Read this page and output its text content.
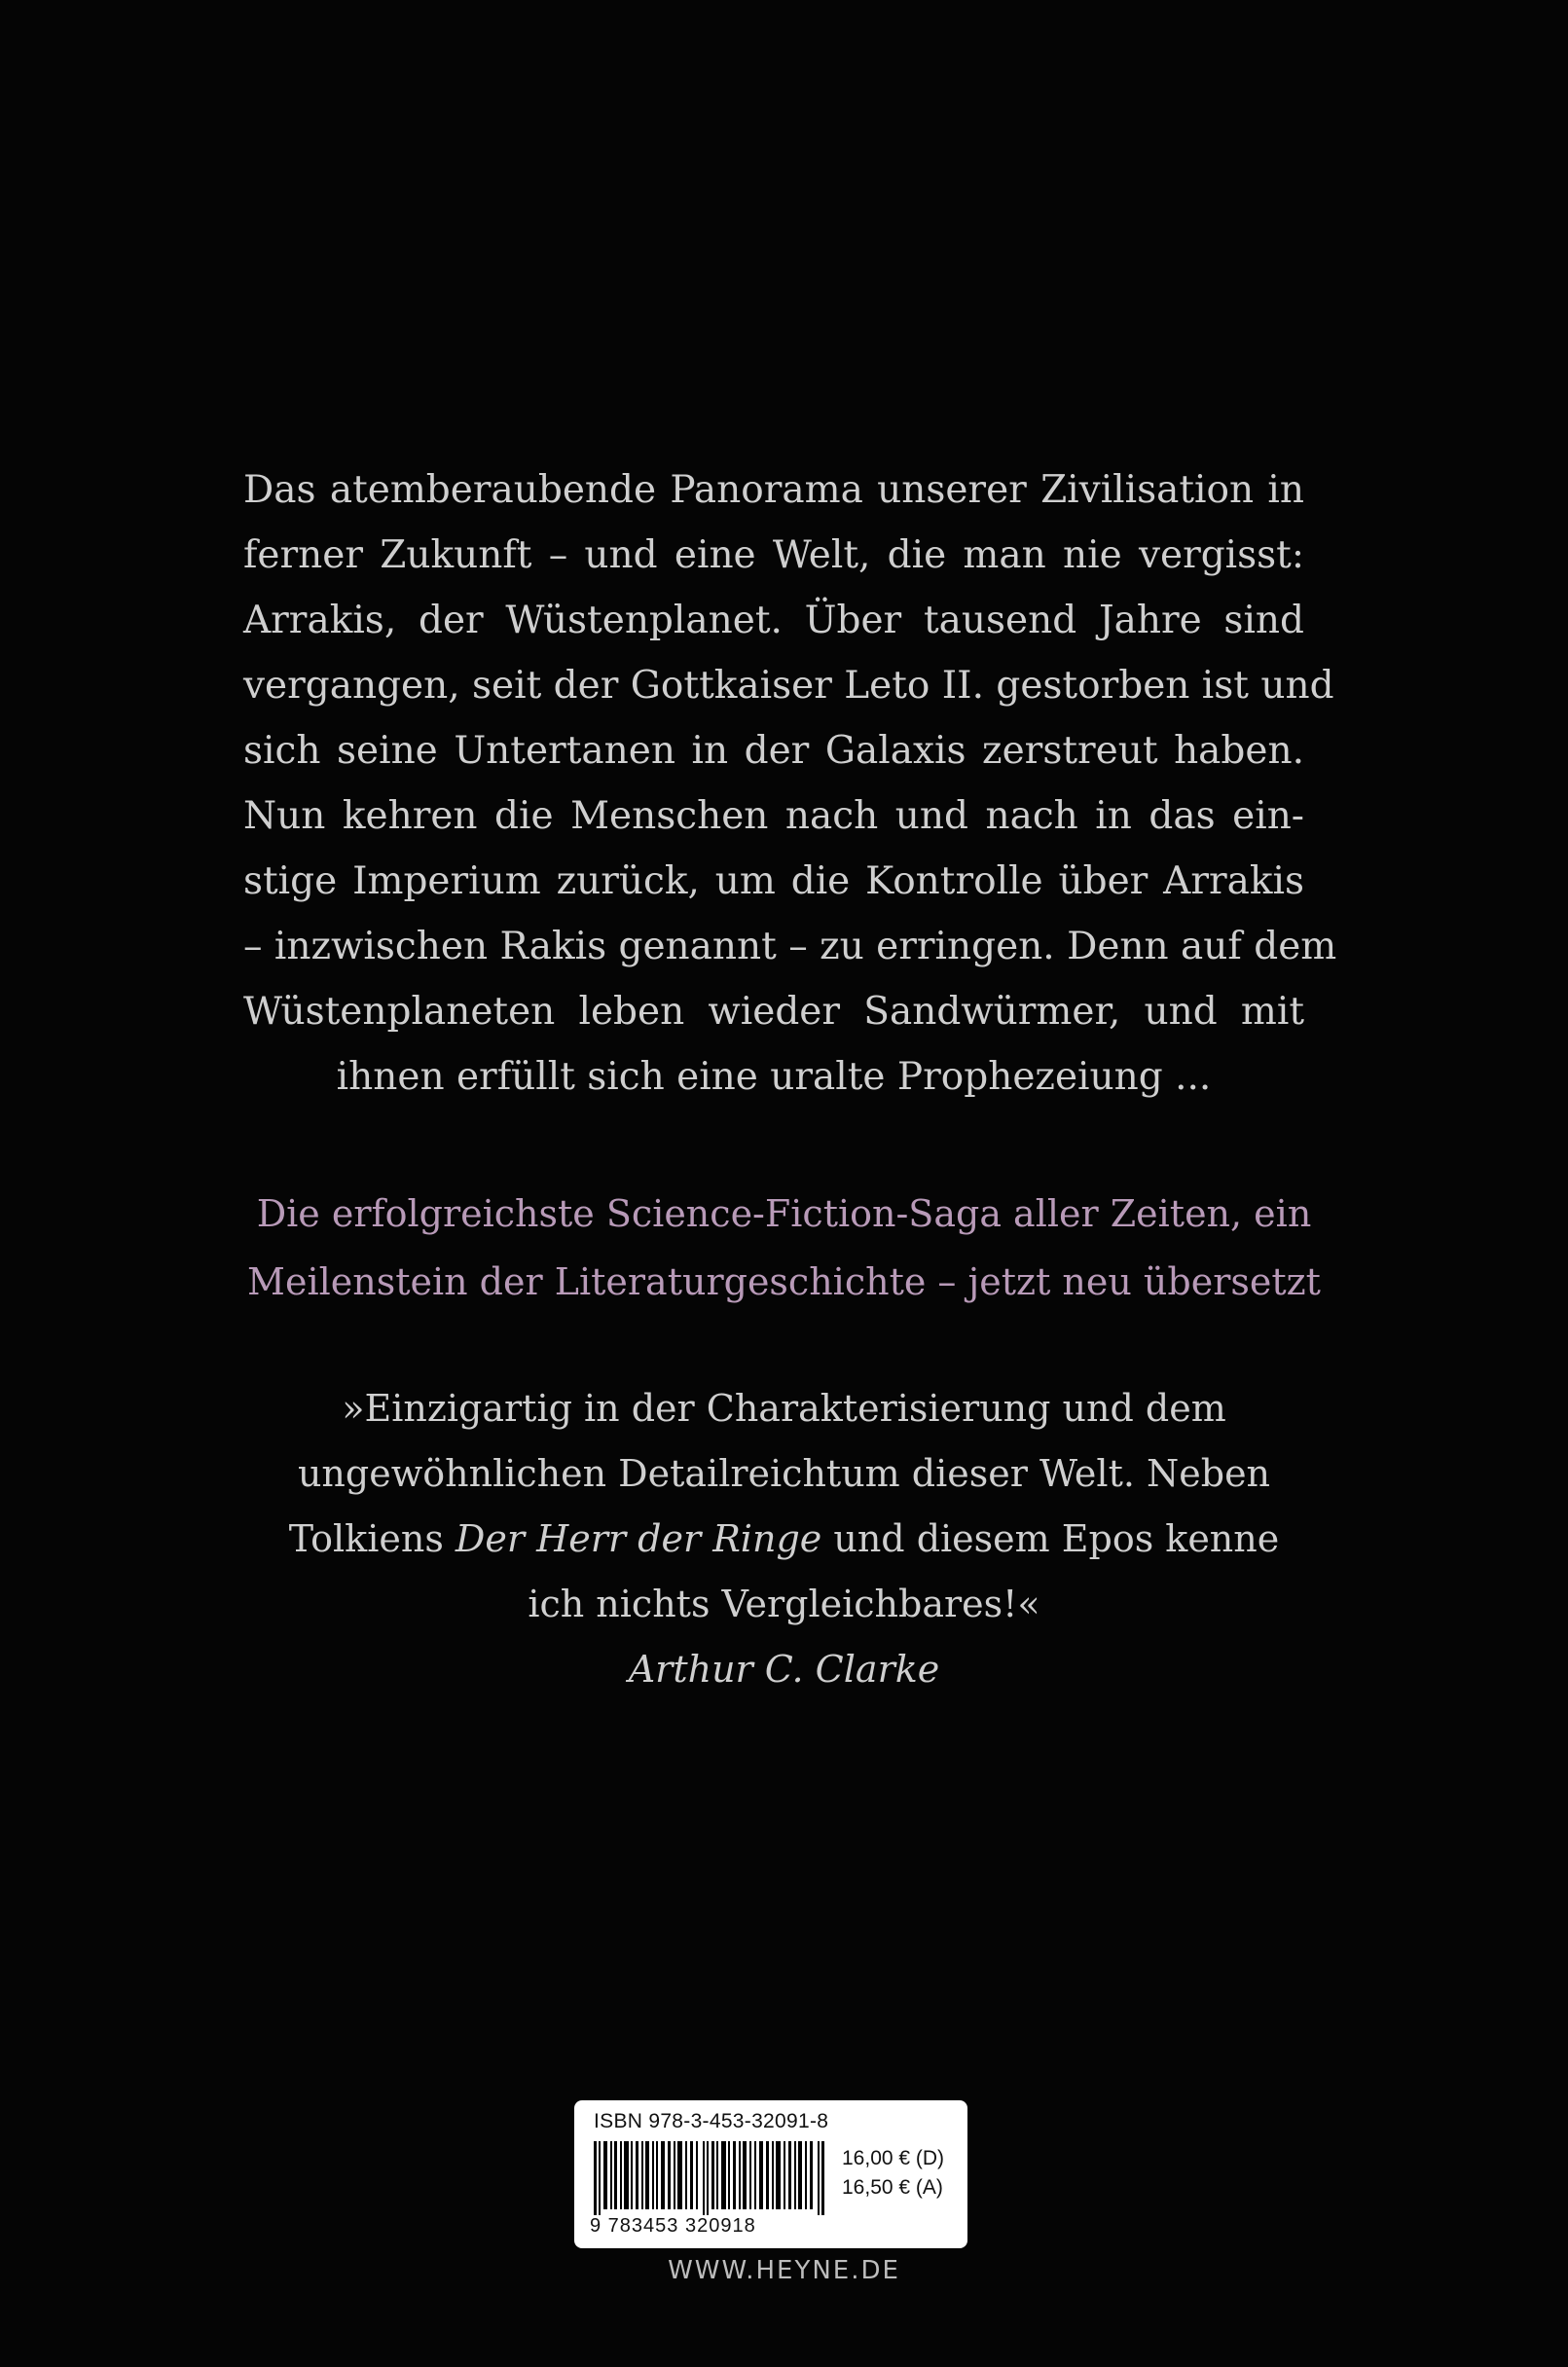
Das atemberaubende Panorama unserer Zivilisation in
ferner Zukunft – und eine Welt, die man nie vergisst:
Arrakis, der Wüstenplanet. Über tausend Jahre sind
vergangen, seit der Gottkaiser Leto II. gestorben ist und
sich seine Untertanen in der Galaxis zerstreut haben.
Nun kehren die Menschen nach und nach in das ein-
stige Imperium zurück, um die Kontrolle über Arrakis
– inzwischen Rakis genannt – zu erringen. Denn auf dem
Wüstenplaneten leben wieder Sandwürmer, und mit
ihnen erfüllt sich eine uralte Prophezeiung ...
Die erfolgreichste Science-Fiction-Saga aller Zeiten, ein
Meilenstein der Literaturgeschichte – jetzt neu übersetzt
»Einzigartig in der Charakterisierung und dem
ungewöhnlichen Detailreichtum dieser Welt. Neben
Tolkiens Der Herr der Ringe und diesem Epos kenne
ich nichts Vergleichbares!«
Arthur C. Clarke
ISBN 978-3-453-32091-8
9 783453 320918
16,00 € (D)
16,50 € (A)
WWW.HEYNE.DE
